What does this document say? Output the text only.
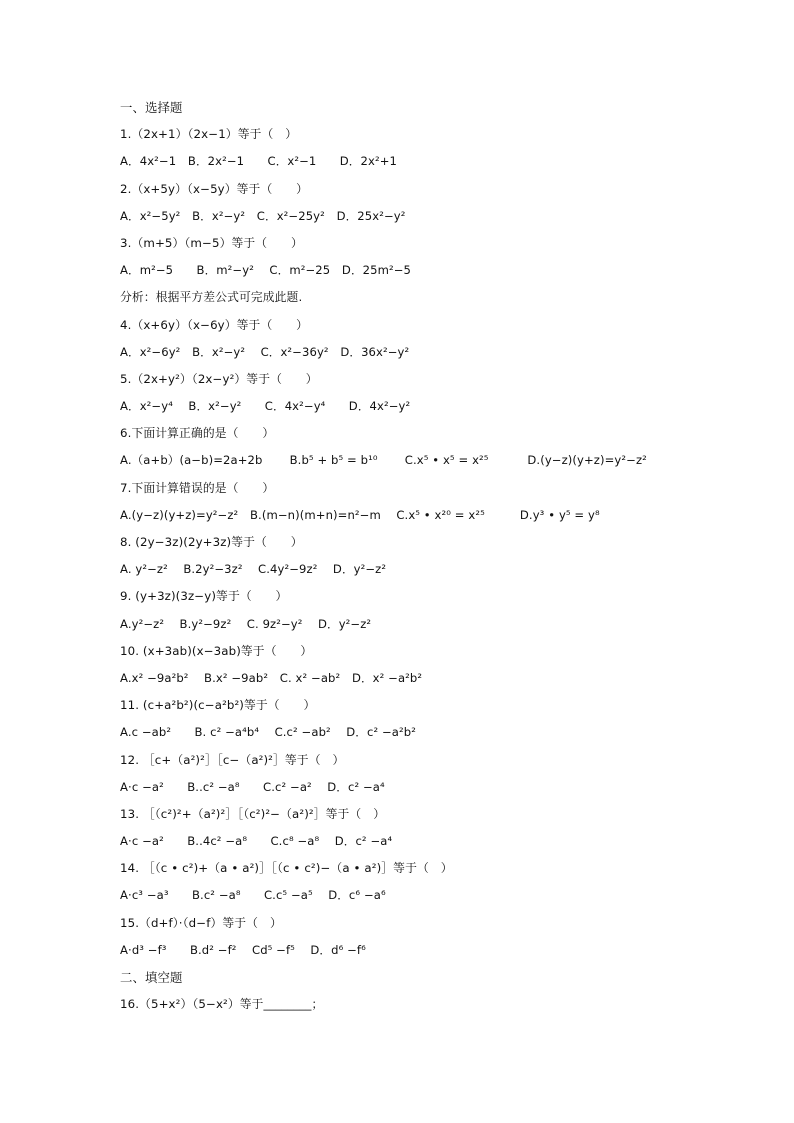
一、选择题
1.（2x+1）（2x−1）等于（　）
A．4x²−1　B．2x²−1　　C．x²−1　　D．2x²+1
2.（x+5y）（x−5y）等于（　　）
A．x²−5y²　B．x²−y²　C．x²−25y²　D．25x²−y²
3.（m+5）（m−5）等于（　　）
A．m²−5　　B．m²−y²　 C．m²−25　D．25m²−5
分析：根据平方差公式可完成此题.
4.（x+6y）（x−6y）等于（　　）
A．x²−6y²　B．x²−y²　 C．x²−36y²　D．36x²−y²
5.（2x+y²）（2x−y²）等于（　　）
A．x²−y⁴　 B．x²−y²　　C．4x²−y⁴　　D．4x²−y²
6.下面计算正确的是（　　）
A.（a+b）(a−b)=2a+2b　　 B.b⁵ + b⁵ = b¹⁰　　 C.x⁵ • x⁵ = x²⁵　　　 D.(y−z)(y+z)=y²−z²
7.下面计算错误的是（　　）
A.(y−z)(y+z)=y²−z²　B.(m−n)(m+n)=n²−m　 C.x⁵ • x²⁰ = x²⁵　　　D.y³ • y⁵ = y⁸
8. (2y−3z)(2y+3z)等于（　　）
A. y²−z²　 B.2y²−3z²　 C.4y²−9z²　 D．y²−z²
9. (y+3z)(3z−y)等于（　　）
A.y²−z²　 B.y²−9z²　 C. 9z²−y²　 D．y²−z²
10. (x+3ab)(x−3ab)等于（　　）
A.x² −9a²b²　 B.x² −9ab²　C. x² −ab²　D．x² −a²b²
11. (c+a²b²)(c−a²b²)等于（　　）
A.c −ab²　　B. c² −a⁴b⁴　 C.c² −ab²　 D．c² −a²b²
12. ［c+（a²)²］［c−（a²)²］等于（　）
A·c −a²　　B..c² −a⁸　　C.c² −a²　 D．c² −a⁴
13. ［（c²)²+（a²)²］［（c²)²−（a²)²］等于（　）
A·c −a²　　B..4c² −a⁸　　C.c⁸ −a⁸　 D．c² −a⁴
14. ［（c • c²)+（a • a²)］［（c • c²)−（a • a²)］等于（　）
A·c³ −a³　　B.c² −a⁸　　C.c⁵ −a⁵　 D．c⁶ −a⁶
15.（d+f）·（d−f）等于（　）
A·d³ −f³　　B.d² −f²　 Cd⁵ −f⁵　 D．d⁶ −f⁶
二、填空题
16.（5+x²）（5−x²）等于________；
